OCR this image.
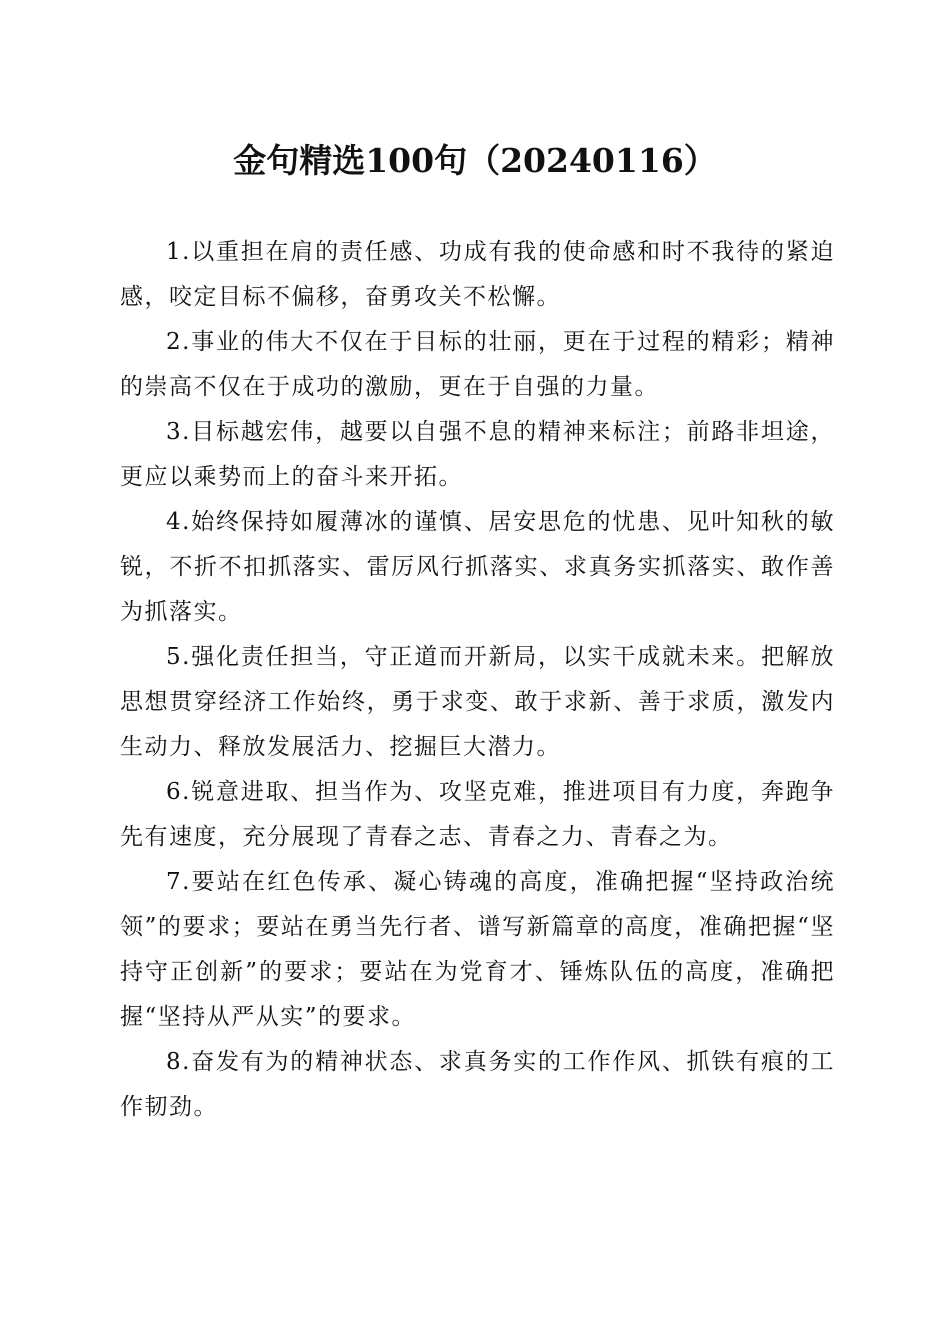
金句精选100句（20240116）

1.以重担在肩的责任感、功成有我的使命感和时不我待的紧迫感，咬定目标不偏移，奋勇攻关不松懈。

2.事业的伟大不仅在于目标的壮丽，更在于过程的精彩；精神的崇高不仅在于成功的激励，更在于自强的力量。

3.目标越宏伟，越要以自强不息的精神来标注；前路非坦途，更应以乘势而上的奋斗来开拓。

4.始终保持如履薄冰的谨慎、居安思危的忧患、见叶知秋的敏锐，不折不扣抓落实、雷厉风行抓落实、求真务实抓落实、敢作善为抓落实。

5.强化责任担当，守正道而开新局，以实干成就未来。把解放思想贯穿经济工作始终，勇于求变、敢于求新、善于求质，激发内生动力、释放发展活力、挖掘巨大潜力。

6.锐意进取、担当作为、攻坚克难，推进项目有力度，奔跑争先有速度，充分展现了青春之志、青春之力、青春之为。

7.要站在红色传承、凝心铸魂的高度，准确把握“坚持政治统领”的要求；要站在勇当先行者、谱写新篇章的高度，准确把握“坚持守正创新”的要求；要站在为党育才、锤炼队伍的高度，准确把握“坚持从严从实”的要求。

8.奋发有为的精神状态、求真务实的工作作风、抓铁有痕的工作韧劲。
